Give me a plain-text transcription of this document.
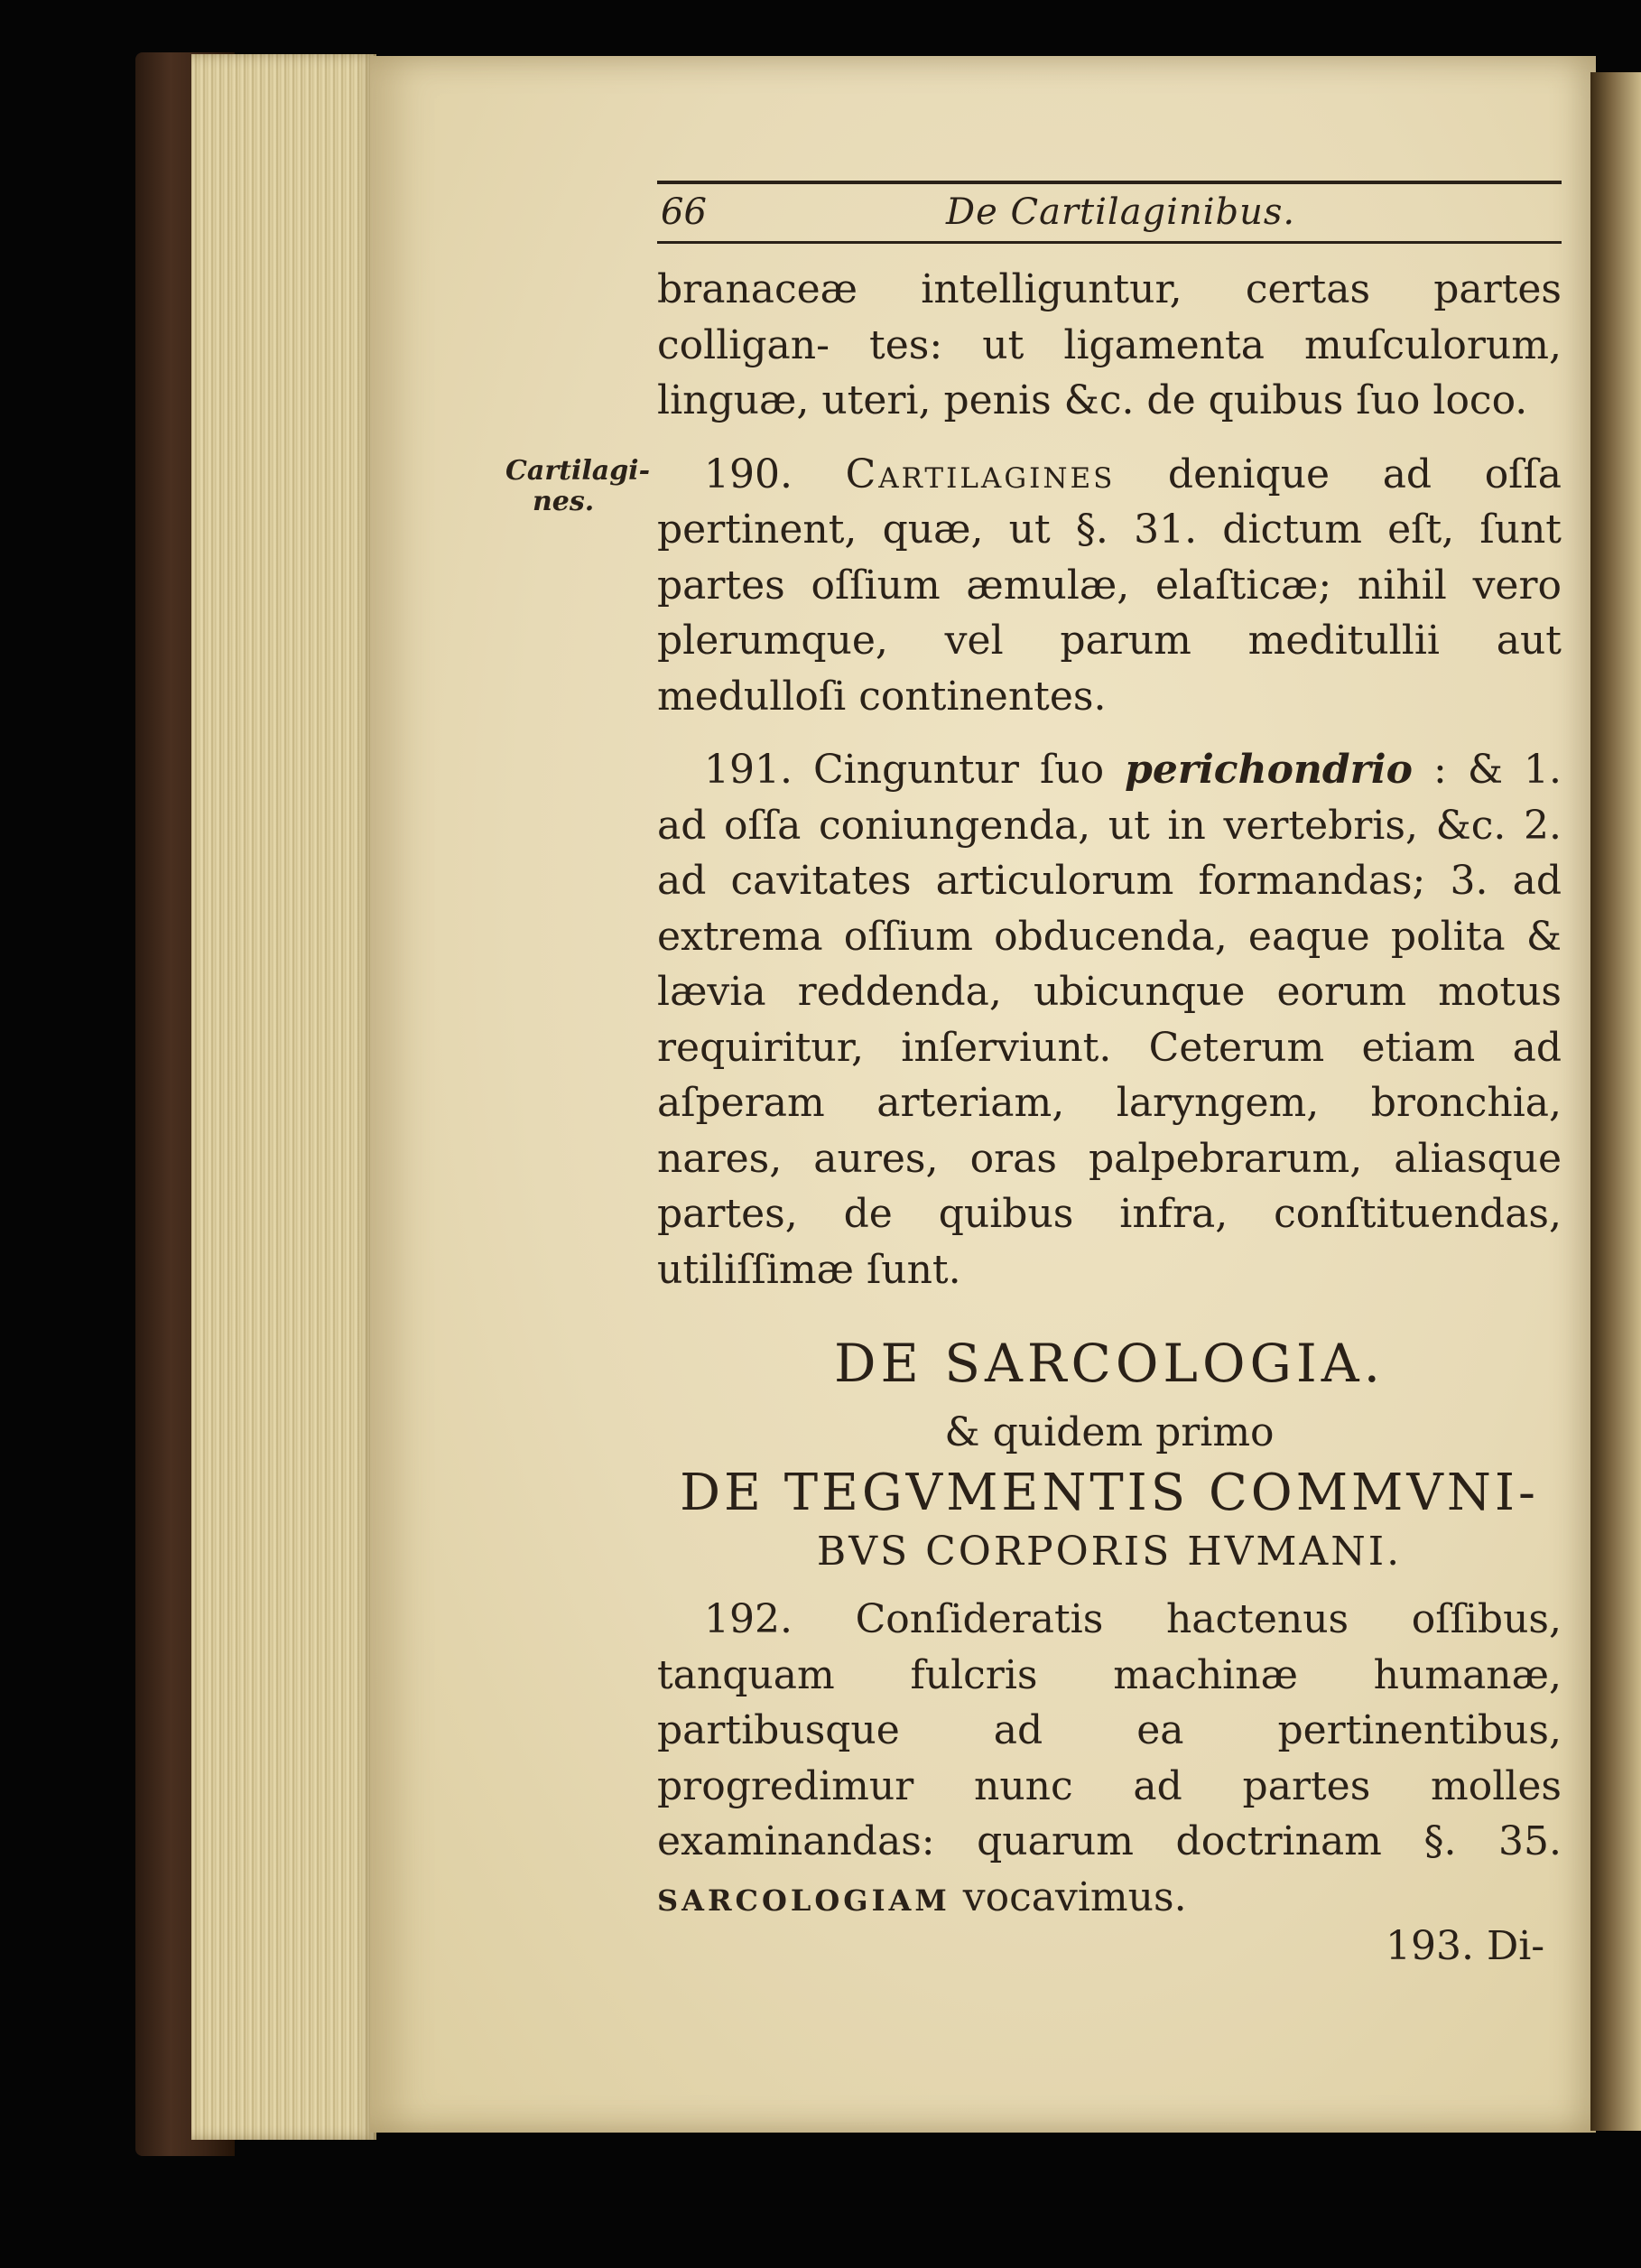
66	De Cartilaginibus.
Cartilagi-
nes.

branaceæ intelliguntur, certas partes colligan- tes: ut ligamenta muſculorum, linguæ, uteri, penis &c. de quibus ſuo loco.

190. Cartilagines denique ad oſſa pertinent, quæ, ut §. 31. dictum eſt, ſunt partes oſſium æmulæ, elaſticæ; nihil vero plerumque, vel parum meditullii aut medulloſi continentes.

191. Cinguntur ſuo perichondrio : & 1. ad oſſa coniungenda, ut in vertebris, &c. 2. ad cavitates articulorum formandas; 3. ad extrema oſſium obducenda, eaque polita & lævia reddenda, ubicunque eorum motus requiritur, inſerviunt. Ceterum etiam ad aſperam arteriam, laryngem, bronchia, nares, aures, oras palpebrarum, aliasque partes, de quibus infra, conſtituendas, utiliſſimæ ſunt.

DE SARCOLOGIA.
& quidem primo
DE TEGVMENTIS COMMVNI-
BVS CORPORIS HVMANI.

192. Conſideratis hactenus oſſibus, tanquam fulcris machinæ humanæ, partibusque ad ea pertinentibus, progredimur nunc ad partes molles examinandas: quarum doctrinam §. 35. SARCOLOGIAM vocavimus.

193. Di-
